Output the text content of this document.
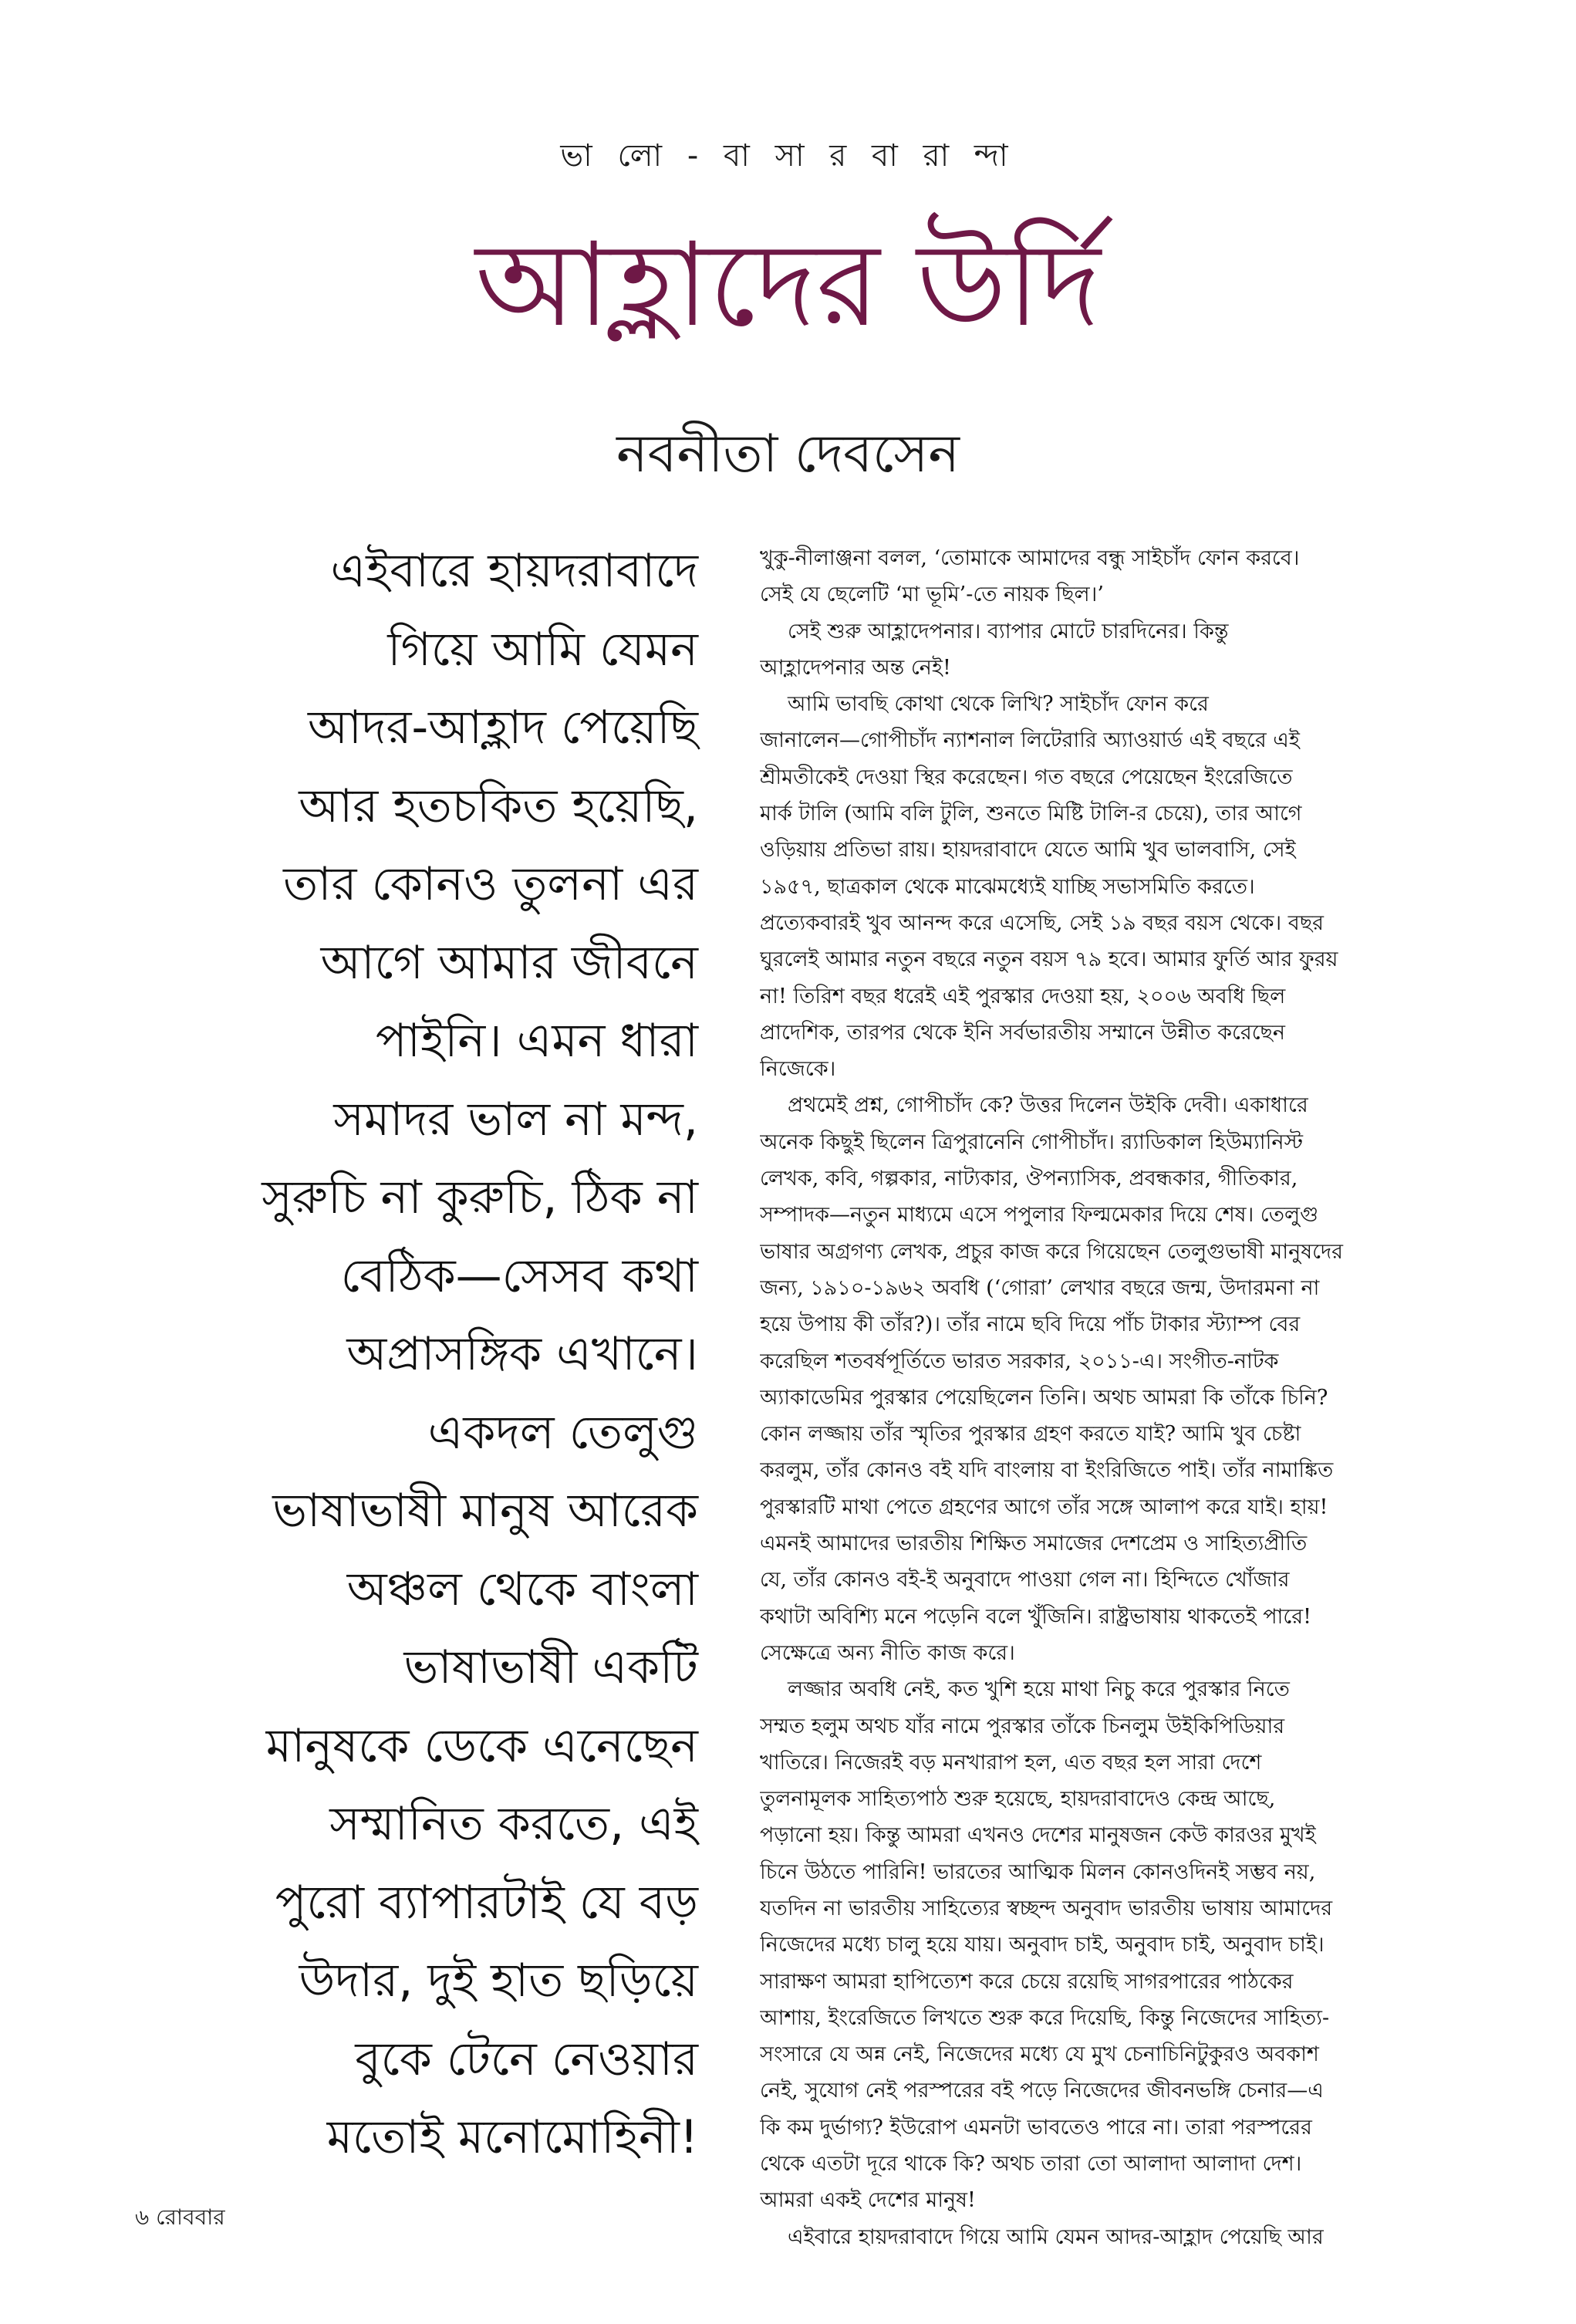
ভা লো - বা সা র বা রা ন্দা
আহ্লাদের উর্দি
নবনীতা দেবসেন
এইবারে হায়দরাবাদে
গিয়ে আমি যেমন
আদর-আহ্লাদ পেয়েছি
আর হতচকিত হয়েছি,
তার কোনও তুলনা এর
আগে আমার জীবনে
পাইনি। এমন ধারা
সমাদর ভাল না মন্দ,
সুরুচি না কুরুচি, ঠিক না
বেঠিক—সেসব কথা
অপ্রাসঙ্গিক এখানে।
একদল তেলুগু
ভাষাভাষী মানুষ আরেক
অঞ্চল থেকে বাংলা
ভাষাভাষী একটি
মানুষকে ডেকে এনেছেন
সম্মানিত করতে, এই
পুরো ব্যাপারটাই যে বড়
উদার, দুই হাত ছড়িয়ে
বুকে টেনে নেওয়ার
মতোই মনোমোহিনী!
খুকু-নীলাঞ্জনা বলল, ‘তোমাকে আমাদের বন্ধু সাইচাঁদ ফোন করবে।
সেই যে ছেলেটি ‘মা ভূমি’-তে নায়ক ছিল।’
সেই শুরু আহ্লাদেপনার। ব্যাপার মোটে চারদিনের। কিন্তু
আহ্লাদেপনার অন্ত নেই!
আমি ভাবছি কোথা থেকে লিখি? সাইচাঁদ ফোন করে
জানালেন—গোপীচাঁদ ন্যাশনাল লিটেরারি অ্যাওয়ার্ড এই বছরে এই
শ্রীমতীকেই দেওয়া স্থির করেছেন। গত বছরে পেয়েছেন ইংরেজিতে
মার্ক টালি (আমি বলি টুলি, শুনতে মিষ্টি টালি-র চেয়ে), তার আগে
ওড়িয়ায় প্রতিভা রায়। হায়দরাবাদে যেতে আমি খুব ভালবাসি, সেই
১৯৫৭, ছাত্রকাল থেকে মাঝেমধ্যেই যাচ্ছি সভাসমিতি করতে।
প্রত্যেকবারই খুব আনন্দ করে এসেছি, সেই ১৯ বছর বয়স থেকে। বছর
ঘুরলেই আমার নতুন বছরে নতুন বয়স ৭৯ হবে। আমার ফুর্তি আর ফুরয়
না! তিরিশ বছর ধরেই এই পুরস্কার দেওয়া হয়, ২০০৬ অবধি ছিল
প্রাদেশিক, তারপর থেকে ইনি সর্বভারতীয় সম্মানে উন্নীত করেছেন
নিজেকে।
প্রথমেই প্রশ্ন, গোপীচাঁদ কে? উত্তর দিলেন উইকি দেবী। একাধারে
অনেক কিছুই ছিলেন ত্রিপুরানেনি গোপীচাঁদ। র‍্যাডিকাল হিউম্যানিস্ট
লেখক, কবি, গল্পকার, নাট্যকার, ঔপন্যাসিক, প্রবন্ধকার, গীতিকার,
সম্পাদক—নতুন মাধ্যমে এসে পপুলার ফিল্মমেকার দিয়ে শেষ। তেলুগু
ভাষার অগ্রগণ্য লেখক, প্রচুর কাজ করে গিয়েছেন তেলুগুভাষী মানুষদের
জন্য, ১৯১০-১৯৬২ অবধি (‘গোরা’ লেখার বছরে জন্ম, উদারমনা না
হয়ে উপায় কী তাঁর?)। তাঁর নামে ছবি দিয়ে পাঁচ টাকার স্ট্যাম্প বের
করেছিল শতবর্ষপূর্তিতে ভারত সরকার, ২০১১-এ। সংগীত-নাটক
অ্যাকাডেমির পুরস্কার পেয়েছিলেন তিনি। অথচ আমরা কি তাঁকে চিনি?
কোন লজ্জায় তাঁর স্মৃতির পুরস্কার গ্রহণ করতে যাই? আমি খুব চেষ্টা
করলুম, তাঁর কোনও বই যদি বাংলায় বা ইংরিজিতে পাই। তাঁর নামাঙ্কিত
পুরস্কারটি মাথা পেতে গ্রহণের আগে তাঁর সঙ্গে আলাপ করে যাই। হায়!
এমনই আমাদের ভারতীয় শিক্ষিত সমাজের দেশপ্রেম ও সাহিত্যপ্রীতি
যে, তাঁর কোনও বই-ই অনুবাদে পাওয়া গেল না। হিন্দিতে খোঁজার
কথাটা অবিশ্যি মনে পড়েনি বলে খুঁজিনি। রাষ্ট্রভাষায় থাকতেই পারে!
সেক্ষেত্রে অন্য নীতি কাজ করে।
লজ্জার অবধি নেই, কত খুশি হয়ে মাথা নিচু করে পুরস্কার নিতে
সম্মত হলুম অথচ যাঁর নামে পুরস্কার তাঁকে চিনলুম উইকিপিডিয়ার
খাতিরে। নিজেরই বড় মনখারাপ হল, এত বছর হল সারা দেশে
তুলনামূলক সাহিত্যপাঠ শুরু হয়েছে, হায়দরাবাদেও কেন্দ্র আছে,
পড়ানো হয়। কিন্তু আমরা এখনও দেশের মানুষজন কেউ কারওর মুখই
চিনে উঠতে পারিনি! ভারতের আত্মিক মিলন কোনওদিনই সম্ভব নয়,
যতদিন না ভারতীয় সাহিত্যের স্বচ্ছন্দ অনুবাদ ভারতীয় ভাষায় আমাদের
নিজেদের মধ্যে চালু হয়ে যায়। অনুবাদ চাই, অনুবাদ চাই, অনুবাদ চাই।
সারাক্ষণ আমরা হাপিত্যেশ করে চেয়ে রয়েছি সাগরপারের পাঠকের
আশায়, ইংরেজিতে লিখতে শুরু করে দিয়েছি, কিন্তু নিজেদের সাহিত্য-
সংসারে যে অন্ন নেই, নিজেদের মধ্যে যে মুখ চেনাচিনিটুকুরও অবকাশ
নেই, সুযোগ নেই পরস্পরের বই পড়ে নিজেদের জীবনভঙ্গি চেনার—এ
কি কম দুর্ভাগ্য? ইউরোপ এমনটা ভাবতেও পারে না। তারা পরস্পরের
থেকে এতটা দূরে থাকে কি? অথচ তারা তো আলাদা আলাদা দেশ।
আমরা একই দেশের মানুষ!
এইবারে হায়দরাবাদে গিয়ে আমি যেমন আদর-আহ্লাদ পেয়েছি আর
৬ রোববার
